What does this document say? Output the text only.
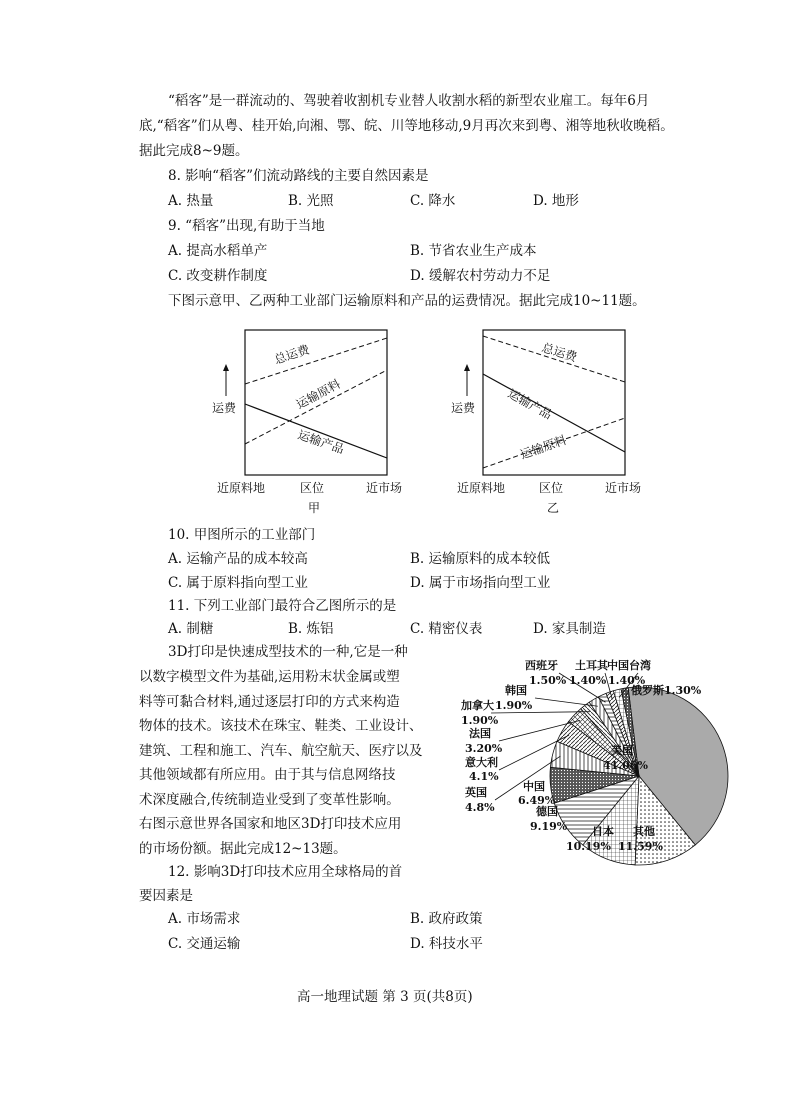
“稻客”是一群流动的、驾驶着收割机专业替人收割水稻的新型农业雇工。每年6月
底,“稻客”们从粤、桂开始,向湘、鄂、皖、川等地移动,9月再次来到粤、湘等地秋收晚稻。
据此完成8~9题。
8. 影响“稻客”们流动路线的主要自然因素是
A. 热量	B. 光照	C. 降水	D. 地形
9. “稻客”出现,有助于当地
A. 提高水稻单产	B. 节省农业生产成本
C. 改变耕作制度	D. 缓解农村劳动力不足
下图示意甲、乙两种工业部门运输原料和产品的运费情况。据此完成10~11题。
运费
总运费
运输原料
运输产品
近原料地	区位	近市场
甲
运费
总运费
运输产品
运输原料
近原料地	区位	近市场
乙
10. 甲图所示的工业部门
A. 运输产品的成本较高	B. 运输原料的成本较低
C. 属于原料指向型工业	D. 属于市场指向型工业
11. 下列工业部门最符合乙图所示的是
A. 制糖	B. 炼铝	C. 精密仪表	D. 家具制造
3D打印是快速成型技术的一种,它是一种
以数字模型文件为基础,运用粉末状金属或塑
料等可黏合材料,通过逐层打印的方式来构造
物体的技术。该技术在珠宝、鞋类、工业设计、
建筑、工程和施工、汽车、航空航天、医疗以及
其他领域都有所应用。由于其与信息网络技
术深度融合,传统制造业受到了变革性影响。
右图示意世界各国家和地区3D打印技术应用
的市场份额。据此完成12~13题。
12. 影响3D打印技术应用全球格局的首
要因素是
A. 市场需求	B. 政府政策
C. 交通运输	D. 科技水平
高一地理试题 第 3 页(共8页)
美国
41.06%
其他
11.59%
日本
10.19%
德国
9.19%
中国
6.49%
英国
4.8%
意大利
4.1%
法国
3.20%
加拿大
1.90%
韩国
1.90%
西班牙
1.50%
土耳其
1.40%
中国台湾
1.40%
俄罗斯1.30%
